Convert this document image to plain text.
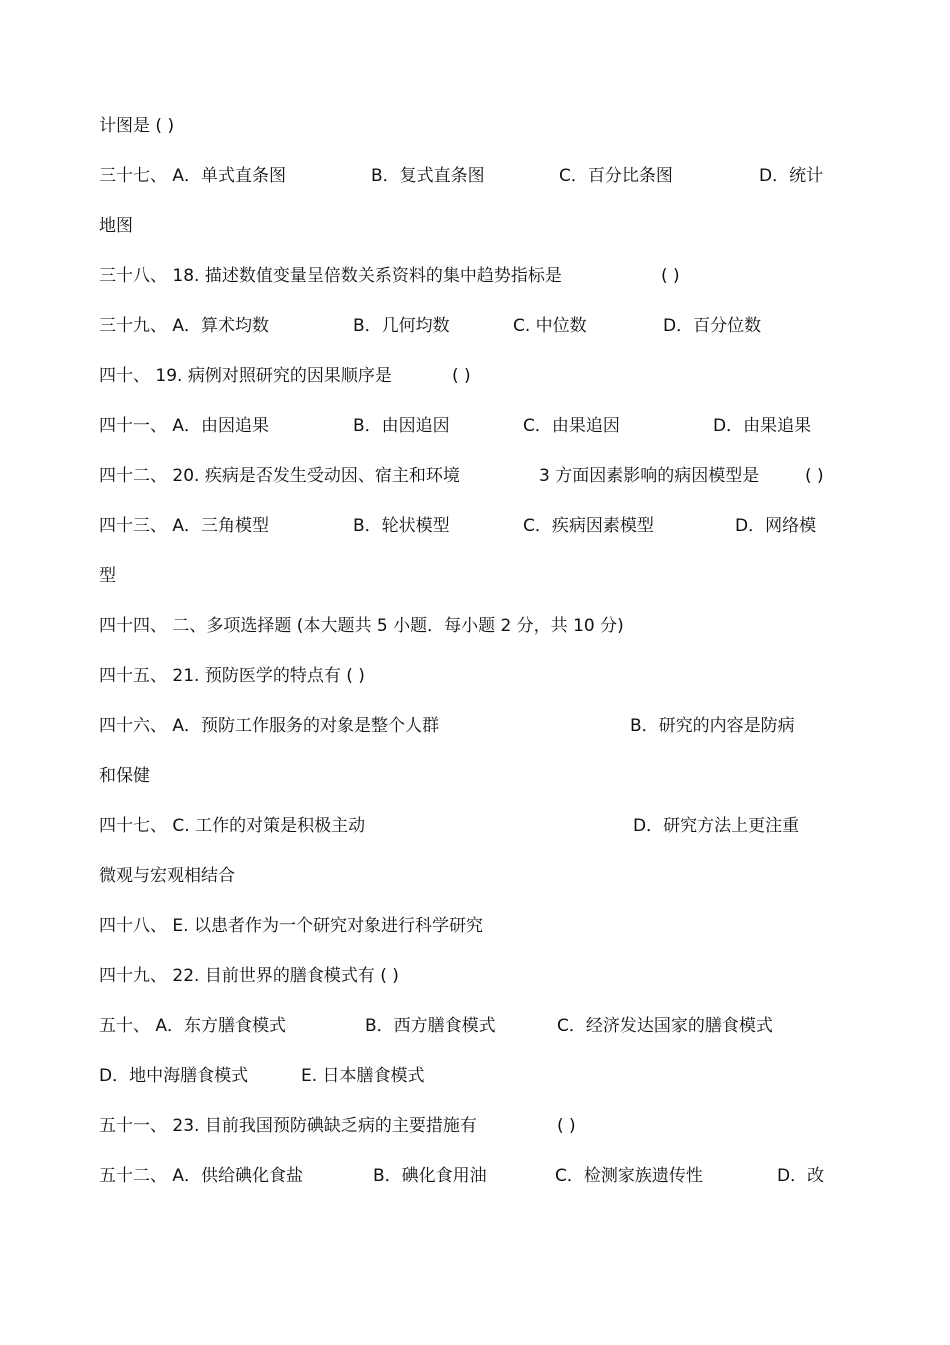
计图是 ( )
三十七、 A．单式直条图	B．复式直条图	C．百分比条图	D．统计
地图
三十八、 18. 描述数值变量呈倍数关系资料的集中趋势指标是	( )
三十九、 A．算术均数	B．几何均数	C. 中位数	D．百分位数
四十、 19. 病例对照研究的因果顺序是	( )
四十一、 A．由因追果	B．由因追因	C．由果追因	D．由果追果
四十二、 20. 疾病是否发生受动因、宿主和环境	3 方面因素影响的病因模型是	( )
四十三、 A．三角模型	B．轮状模型	C．疾病因素模型	D．网络模
型
四十四、 二、多项选择题 (本大题共 5 小题．每小题 2 分，共 10 分)
四十五、 21. 预防医学的特点有 ( )
四十六、 A．预防工作服务的对象是整个人群	B．研究的内容是防病
和保健
四十七、 C. 工作的对策是积极主动	D．研究方法上更注重
微观与宏观相结合
四十八、 E. 以患者作为一个研究对象进行科学研究
四十九、 22. 目前世界的膳食模式有 ( )
五十、 A．东方膳食模式	B．西方膳食模式	C．经济发达国家的膳食模式
D．地中海膳食模式	E. 日本膳食模式
五十一、 23. 目前我国预防碘缺乏病的主要措施有	( )
五十二、 A．供给碘化食盐	B．碘化食用油	C．检测家族遗传性	D．改
